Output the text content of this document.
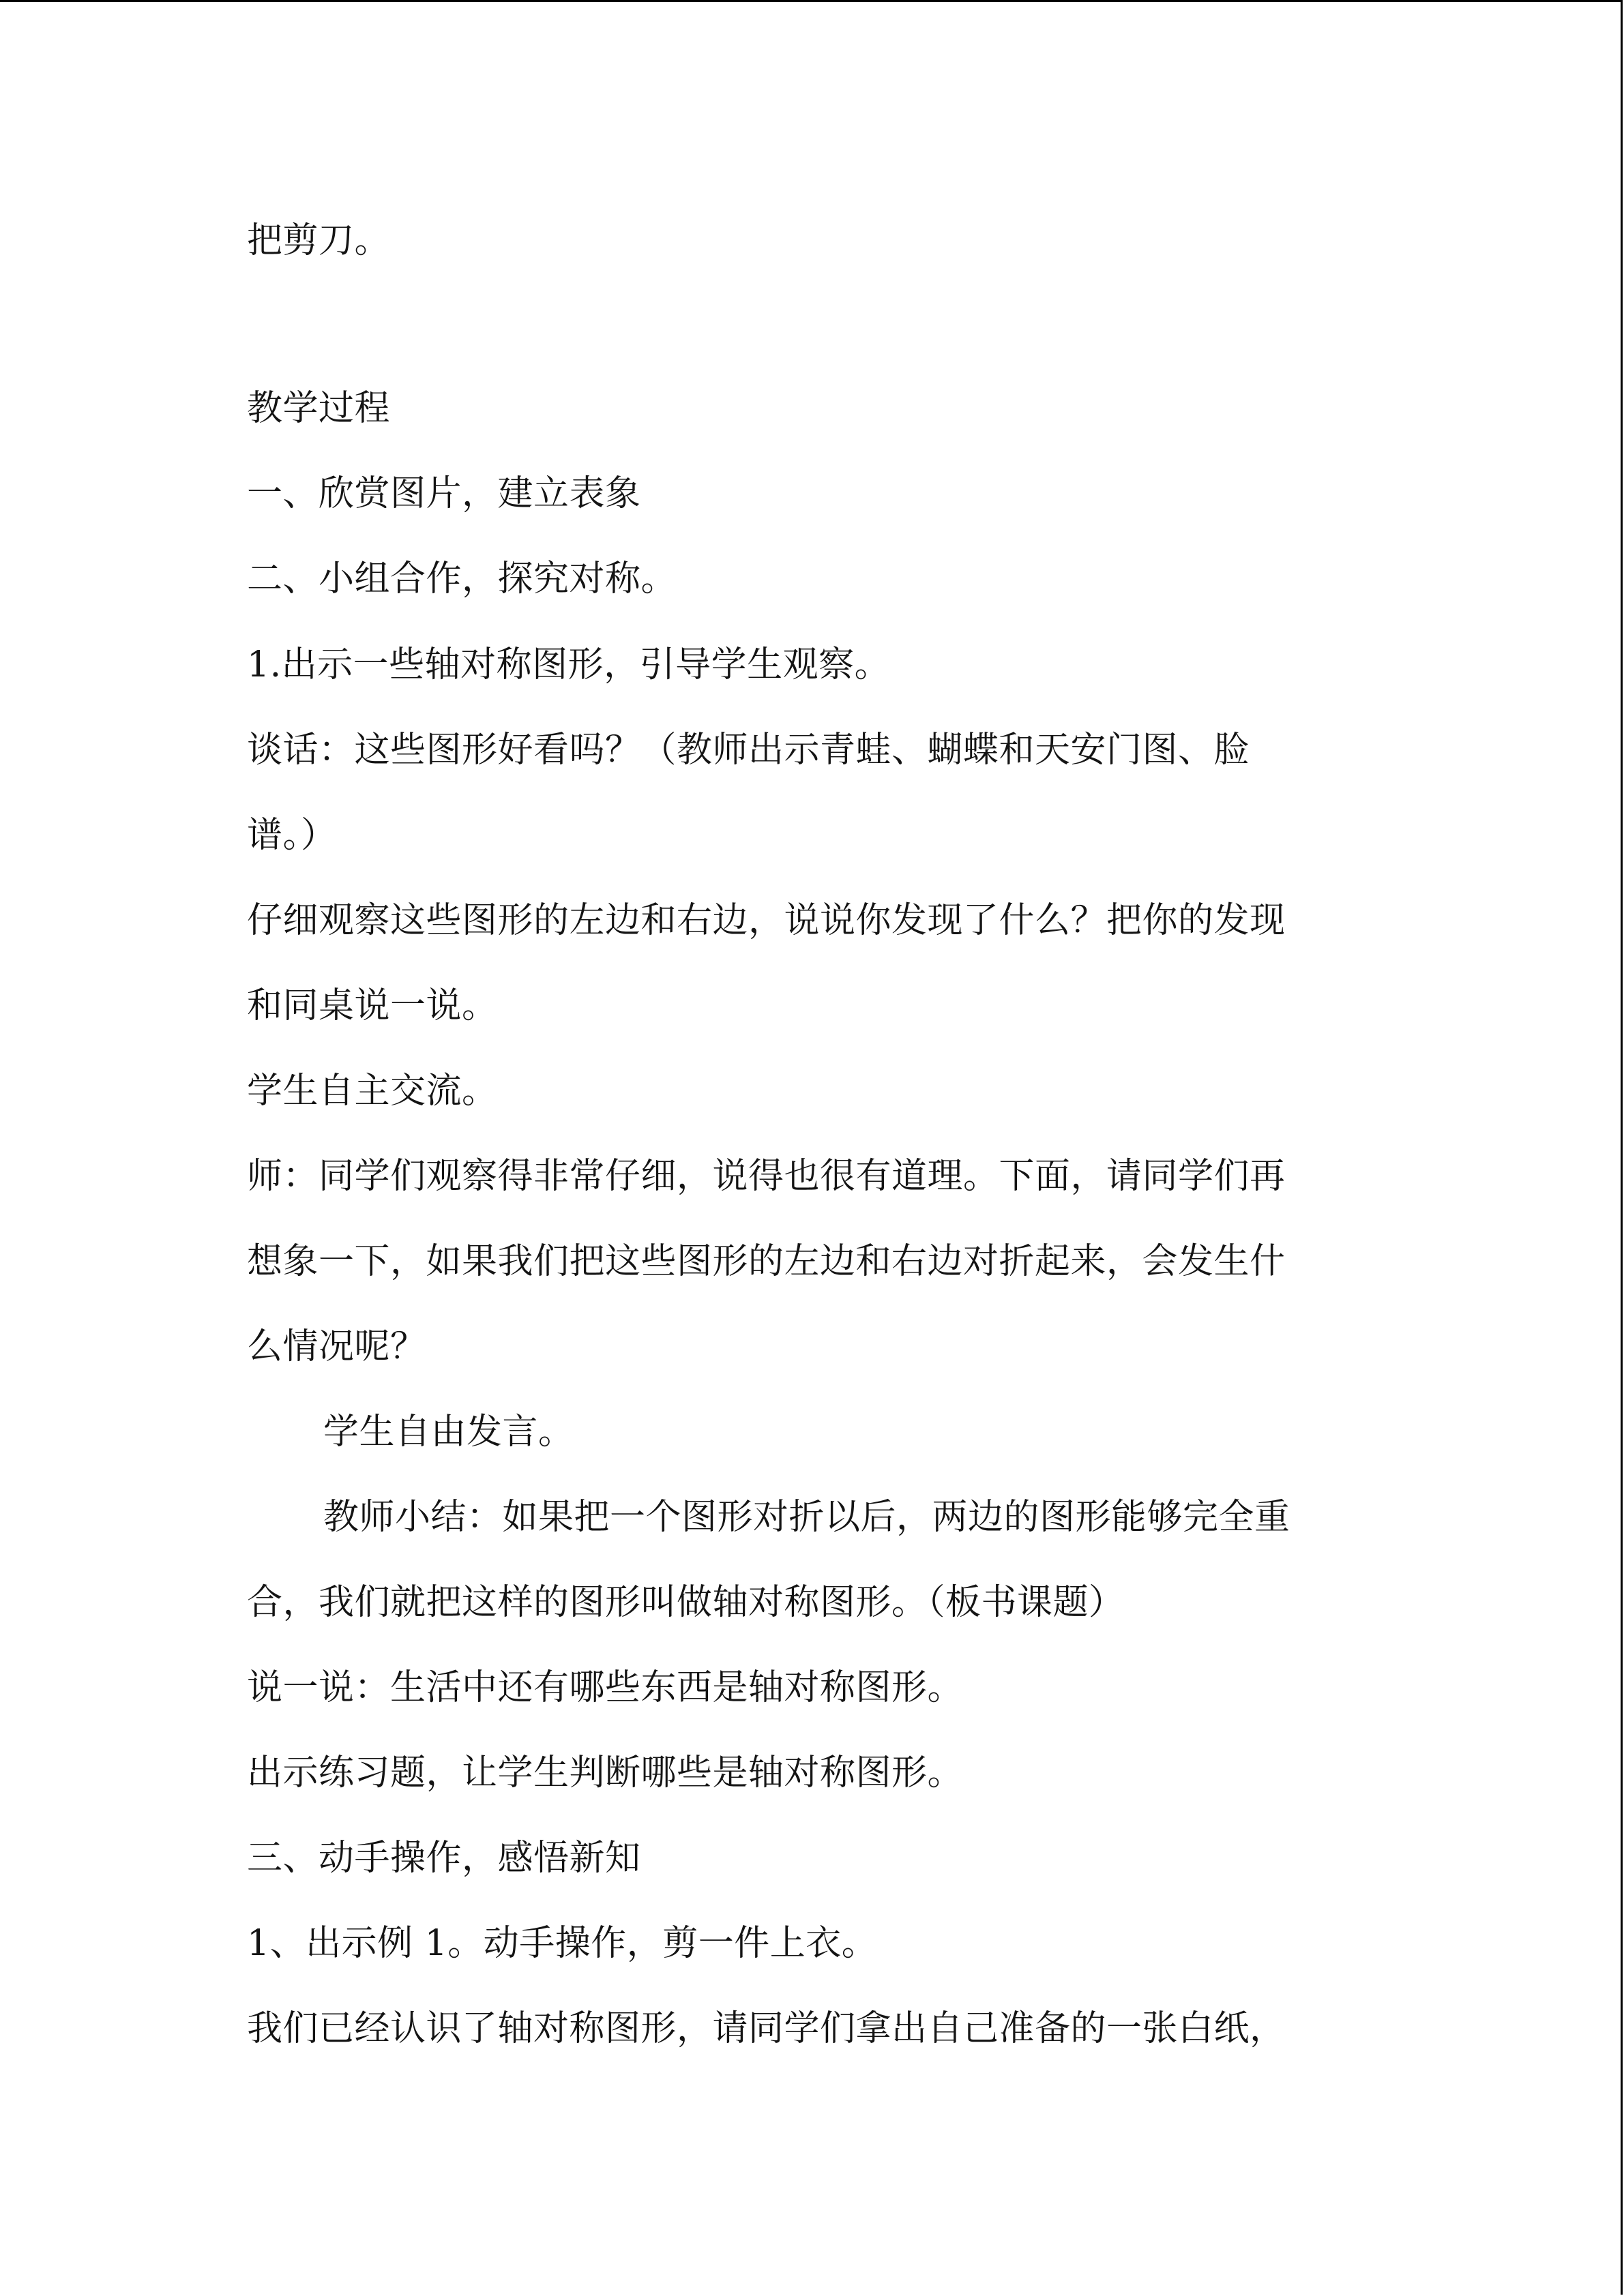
把剪刀。

教学过程

一、欣赏图片，建立表象

二、小组合作，探究对称。

1.出示一些轴对称图形，引导学生观察。

谈话：这些图形好看吗？（教师出示青蛙、蝴蝶和天安门图、脸

谱。）

仔细观察这些图形的左边和右边，说说你发现了什么？把你的发现

和同桌说一说。

学生自主交流。

师：同学们观察得非常仔细，说得也很有道理。下面，请同学们再

想象一下，如果我们把这些图形的左边和右边对折起来，会发生什

么情况呢？

学生自由发言。

教师小结：如果把一个图形对折以后，两边的图形能够完全重

合，我们就把这样的图形叫做轴对称图形。（板书课题）

说一说：生活中还有哪些东西是轴对称图形。

出示练习题，让学生判断哪些是轴对称图形。

三、动手操作，感悟新知

1、出示例 1。动手操作，剪一件上衣。

我们已经认识了轴对称图形，请同学们拿出自己准备的一张白纸，
